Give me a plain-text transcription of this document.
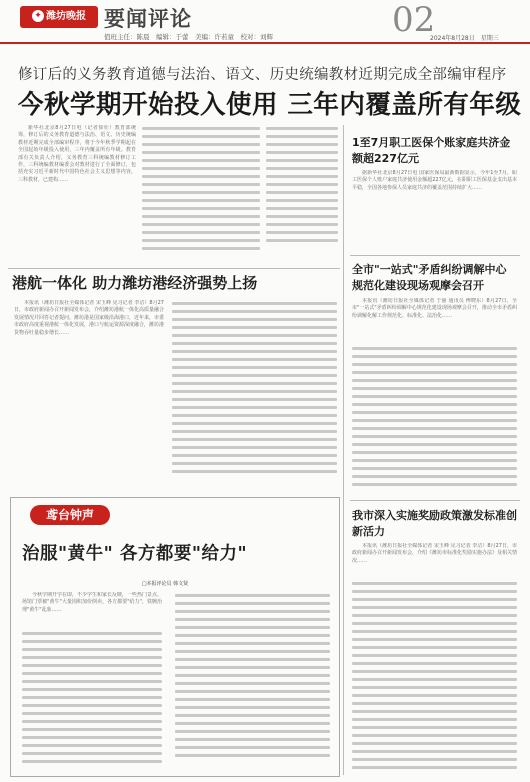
✦ 潍坊晚报 要闻评论	02
值班主任：陈晨　编辑：于蕾　美编：许若童　校对：刘辉	2024年8月28日　星期三
修订后的义务教育道德与法治、语文、历史统编教材近期完成全部编审程序
今秋学期开始投入使用 三年内覆盖所有年级

新华社北京8月27日电（记者徐壮）教育部统筹，修订后的义务教育道德与法治、语文、历史统编教材近期完成全部编审程序，将于今年秋季学期起在全国起始年级投入使用，三年内覆盖所有年级。教育部有关负责人介绍，义务教育三科统编教材修订工作，三科统编教材编委会对教材进行了全面修订，包括充实习近平新时代中国特色社会主义思想等内容，三科教材，已建构……

1至7月职工医保个账家庭共济金额超227亿元

据新华社北京8月27日电 国家医保局最新数据显示，今年1至7月，职工医保个人账户家庭共济使用金额超227亿元，在职职工医保基金支出基本平稳，全国各地参保人员家庭共济的覆盖范围持续扩大……

港航一体化 助力潍坊港经济强势上扬

本报讯（潍坊日报社全媒体记者 宋玉峰 见习记者 李洁）8月27日，市政府新闻办召开新闻发布会，介绍潍坊港航一体化高质量融合发展情况并回答记者提问。潍坊港是国家级沿海港口，近年来，市委市政府高度重视港航一体化发展，港口与航运资源深度融合，潍坊港货物吞吐量稳步增长……

全市"一站式"矛盾纠纷调解中心规范化建设现场观摩会召开

本报讯（潍坊日报社全媒体记者 于丽 通讯员 傅晓东）8月27日，全市"一站式"矛盾纠纷调解中心规范化建设现场观摩会召开，推动全市矛盾纠纷调解化解工作规范化、标准化、法治化……

鸢台钟声
治服"黄牛" 各方都要"给力"
□本报评论员 韩文贤

今秋学期开学在即，不少学生和家长反映，一些热门景点、场馆门票被"黄牛"大量囤积加价倒卖，各方都要"给力"，铁腕治理"黄牛"乱象……

我市深入实施奖励政策激发标准创新活力

本报讯（潍坊日报社全媒体记者 宋玉峰 见习记者 李洁）8月27日，市政府新闻办召开新闻发布会，介绍《潍坊市标准化奖励实施办法》及相关情况……
